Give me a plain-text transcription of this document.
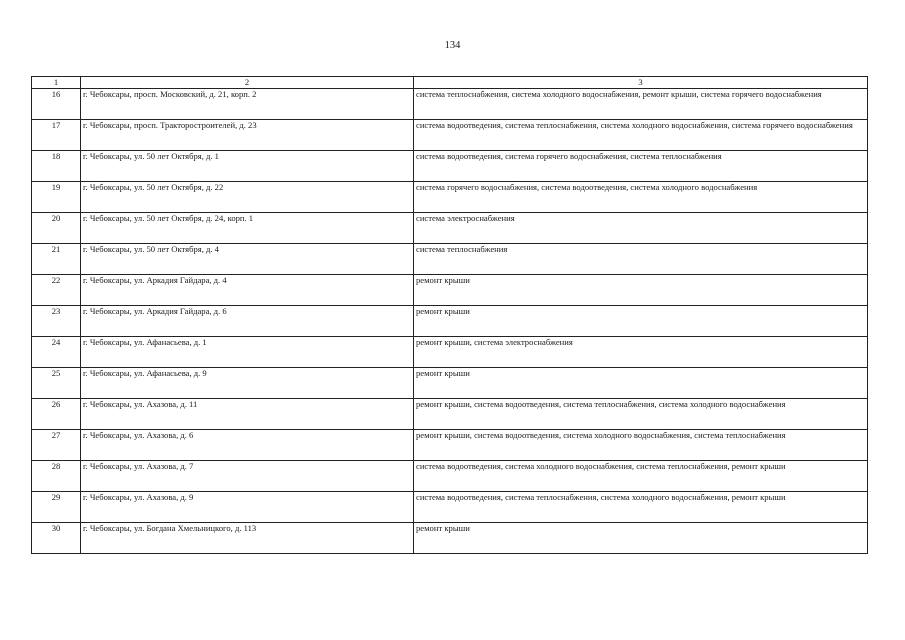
134
1	2	3
16	г. Чебоксары, просп. Московский, д. 21, корп. 2	система теплоснабжения, система холодного водоснабжения, ремонт крыши, система горячего водоснабжения
17	г. Чебоксары, просп. Тракторостроителей, д. 23	система водоотведения, система теплоснабжения, система холодного водоснабжения, система горячего водоснабжения
18	г. Чебоксары, ул. 50 лет Октября, д. 1	система водоотведения, система горячего водоснабжения, система теплоснабжения
19	г. Чебоксары, ул. 50 лет Октября, д. 22	система горячего водоснабжения, система водоотведения, система холодного водоснабжения
20	г. Чебоксары, ул. 50 лет Октября, д. 24, корп. 1	система электроснабжения
21	г. Чебоксары, ул. 50 лет Октября, д. 4	система теплоснабжения
22	г. Чебоксары, ул. Аркадия Гайдара, д. 4	ремонт крыши
23	г. Чебоксары, ул. Аркадия Гайдара, д. 6	ремонт крыши
24	г. Чебоксары, ул. Афанасьева, д. 1	ремонт крыши, система электроснабжения
25	г. Чебоксары, ул. Афанасьева, д. 9	ремонт крыши
26	г. Чебоксары, ул. Ахазова, д. 11	ремонт крыши, система водоотведения, система теплоснабжения, система холодного водоснабжения
27	г. Чебоксары, ул. Ахазова, д. 6	ремонт крыши, система водоотведения, система холодного водоснабжения, система теплоснабжения
28	г. Чебоксары, ул. Ахазова, д. 7	система водоотведения, система холодного водоснабжения, система теплоснабжения, ремонт крыши
29	г. Чебоксары, ул. Ахазова, д. 9	система водоотведения, система теплоснабжения, система холодного водоснабжения, ремонт крыши
30	г. Чебоксары, ул. Богдана Хмельницкого, д. 113	ремонт крыши
